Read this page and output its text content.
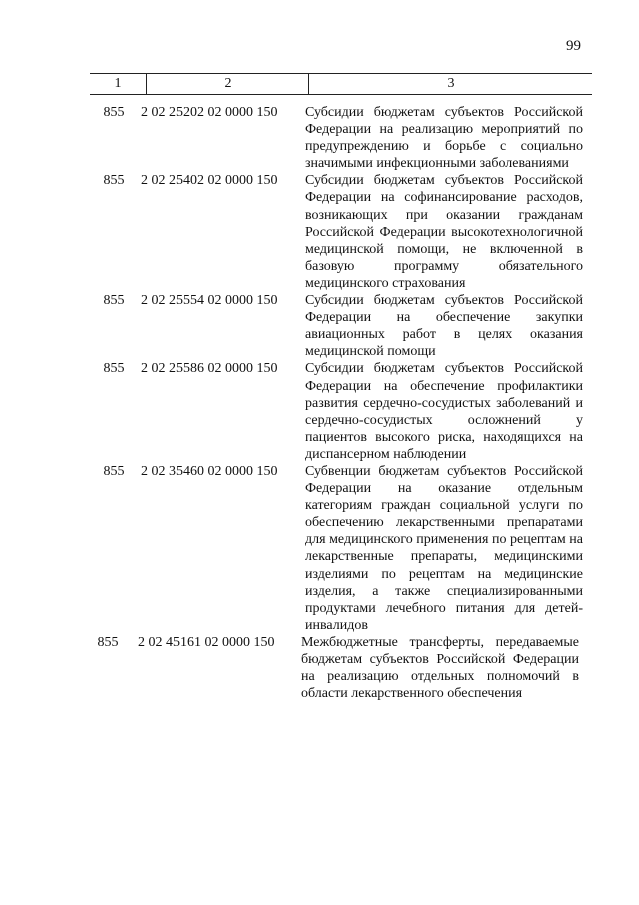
99
1	2	3
855	2 02 25202 02 0000 150	Субсидии бюджетам субъектов Российской Федерации на реализацию мероприятий по предупреждению и борьбе с социально значимыми инфекционными заболеваниями
855	2 02 25402 02 0000 150	Субсидии бюджетам субъектов Российской Федерации на софинансирование расходов, возникающих при оказании гражданам Российской Федерации высокотехнологичной медицинской помощи, не включенной в базовую программу обязательного медицинского страхования
855	2 02 25554 02 0000 150	Субсидии бюджетам субъектов Российской Федерации на обеспечение закупки авиационных работ в целях оказания медицинской помощи
855	2 02 25586 02 0000 150	Субсидии бюджетам субъектов Российской Федерации на обеспечение профилактики развития сердечно-сосудистых заболеваний и сердечно-сосудистых осложнений у пациентов высокого риска, находящихся на диспансерном наблюдении
855	2 02 35460 02 0000 150	Субвенции бюджетам субъектов Российской Федерации на оказание отдельным категориям граждан социальной услуги по обеспечению лекарственными препаратами для медицинского применения по рецептам на лекарственные препараты, медицинскими изделиями по рецептам на медицинские изделия, а также специализированными продуктами лечебного питания для детей-инвалидов
855	2 02 45161 02 0000 150	Межбюджетные трансферты, передаваемые бюджетам субъектов Российской Федерации на реализацию отдельных полномочий в области лекарственного обеспечения
